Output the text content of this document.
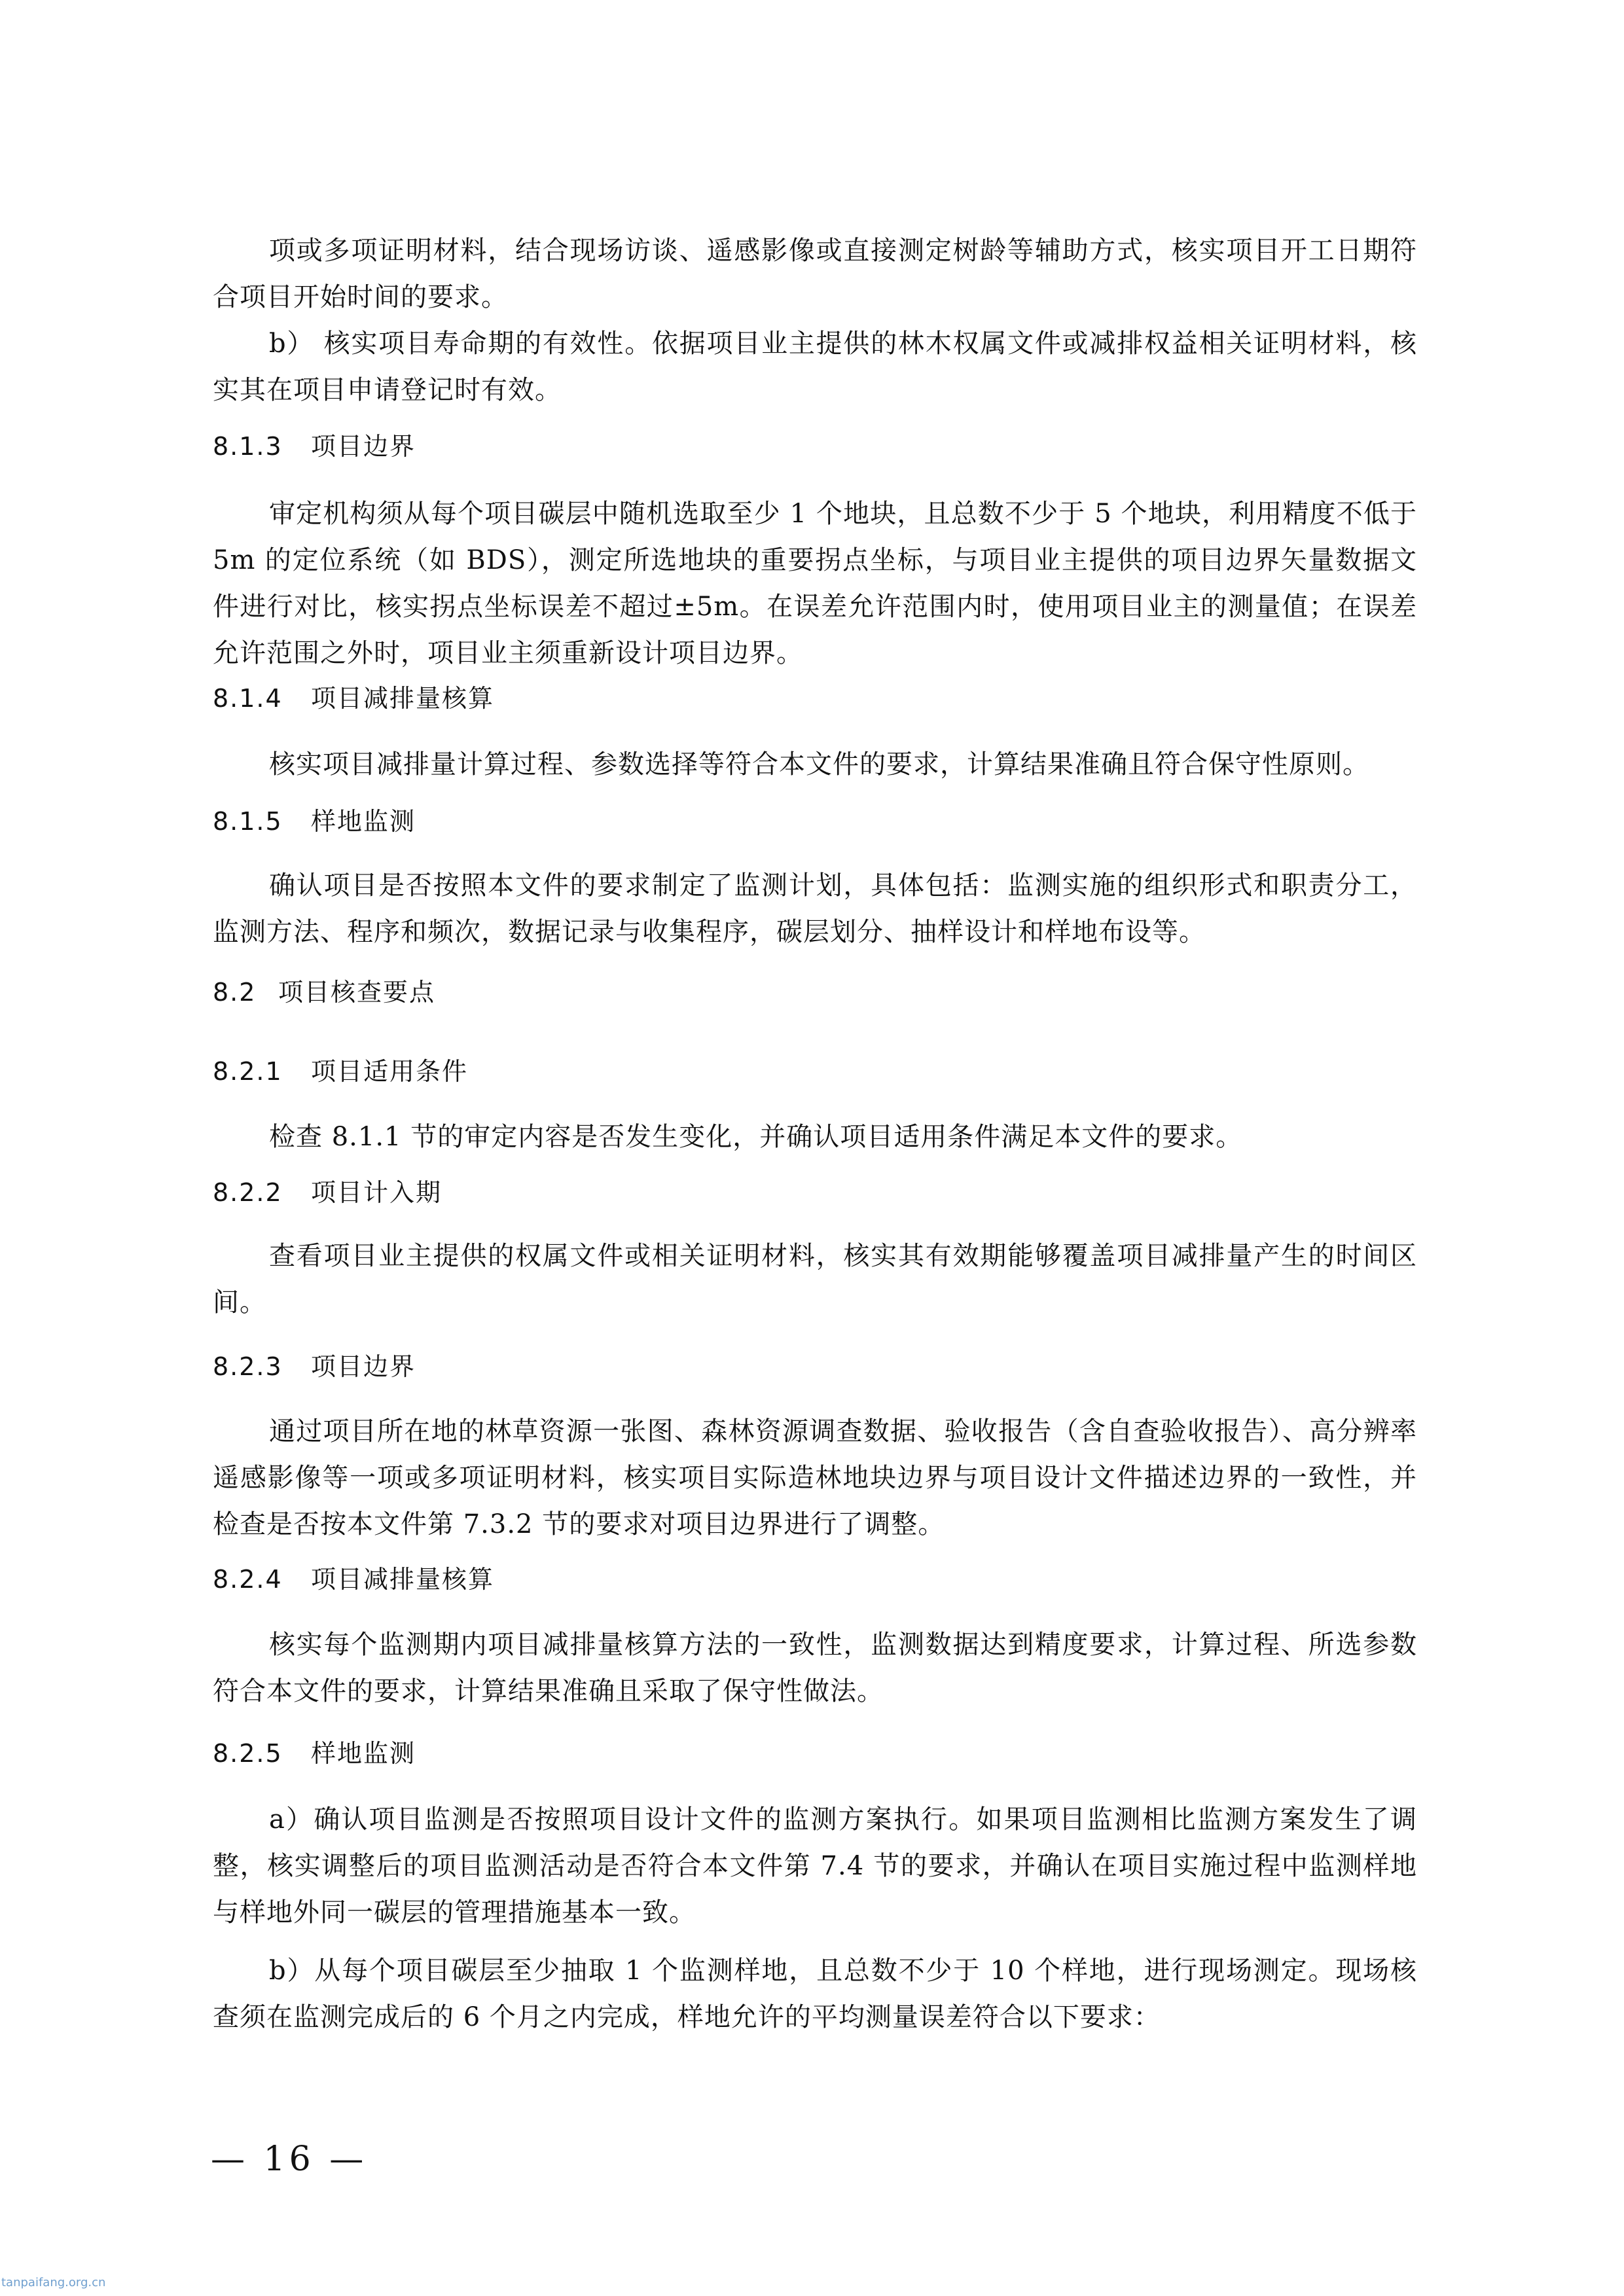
项或多项证明材料，结合现场访谈、遥感影像或直接测定树龄等辅助方式，核实项目开工日期符合项目开始时间的要求。

b） 核实项目寿命期的有效性。依据项目业主提供的林木权属文件或减排权益相关证明材料，核实其在项目申请登记时有效。

8.1.3 项目边界

审定机构须从每个项目碳层中随机选取至少 1 个地块，且总数不少于 5 个地块，利用精度不低于 5m 的定位系统（如 BDS），测定所选地块的重要拐点坐标，与项目业主提供的项目边界矢量数据文件进行对比，核实拐点坐标误差不超过±5m。在误差允许范围内时，使用项目业主的测量值；在误差允许范围之外时，项目业主须重新设计项目边界。

8.1.4 项目减排量核算

核实项目减排量计算过程、参数选择等符合本文件的要求，计算结果准确且符合保守性原则。

8.1.5 样地监测

确认项目是否按照本文件的要求制定了监测计划，具体包括：监测实施的组织形式和职责分工，监测方法、程序和频次，数据记录与收集程序，碳层划分、抽样设计和样地布设等。

8.2 项目核查要点
8.2.1 项目适用条件

检查 8.1.1 节的审定内容是否发生变化，并确认项目适用条件满足本文件的要求。

8.2.2 项目计入期

查看项目业主提供的权属文件或相关证明材料，核实其有效期能够覆盖项目减排量产生的时间区间。

8.2.3 项目边界

通过项目所在地的林草资源一张图、森林资源调查数据、验收报告（含自查验收报告）、高分辨率遥感影像等一项或多项证明材料，核实项目实际造林地块边界与项目设计文件描述边界的一致性，并检查是否按本文件第 7.3.2 节的要求对项目边界进行了调整。

8.2.4 项目减排量核算

核实每个监测期内项目减排量核算方法的一致性，监测数据达到精度要求，计算过程、所选参数符合本文件的要求，计算结果准确且采取了保守性做法。

8.2.5 样地监测

a）确认项目监测是否按照项目设计文件的监测方案执行。如果项目监测相比监测方案发生了调整，核实调整后的项目监测活动是否符合本文件第 7.4 节的要求，并确认在项目实施过程中监测样地与样地外同一碳层的管理措施基本一致。

b）从每个项目碳层至少抽取 1 个监测样地，且总数不少于 10 个样地，进行现场测定。现场核查须在监测完成后的 6 个月之内完成，样地允许的平均测量误差符合以下要求：

— 16 —
tanpaifang.org.cn
